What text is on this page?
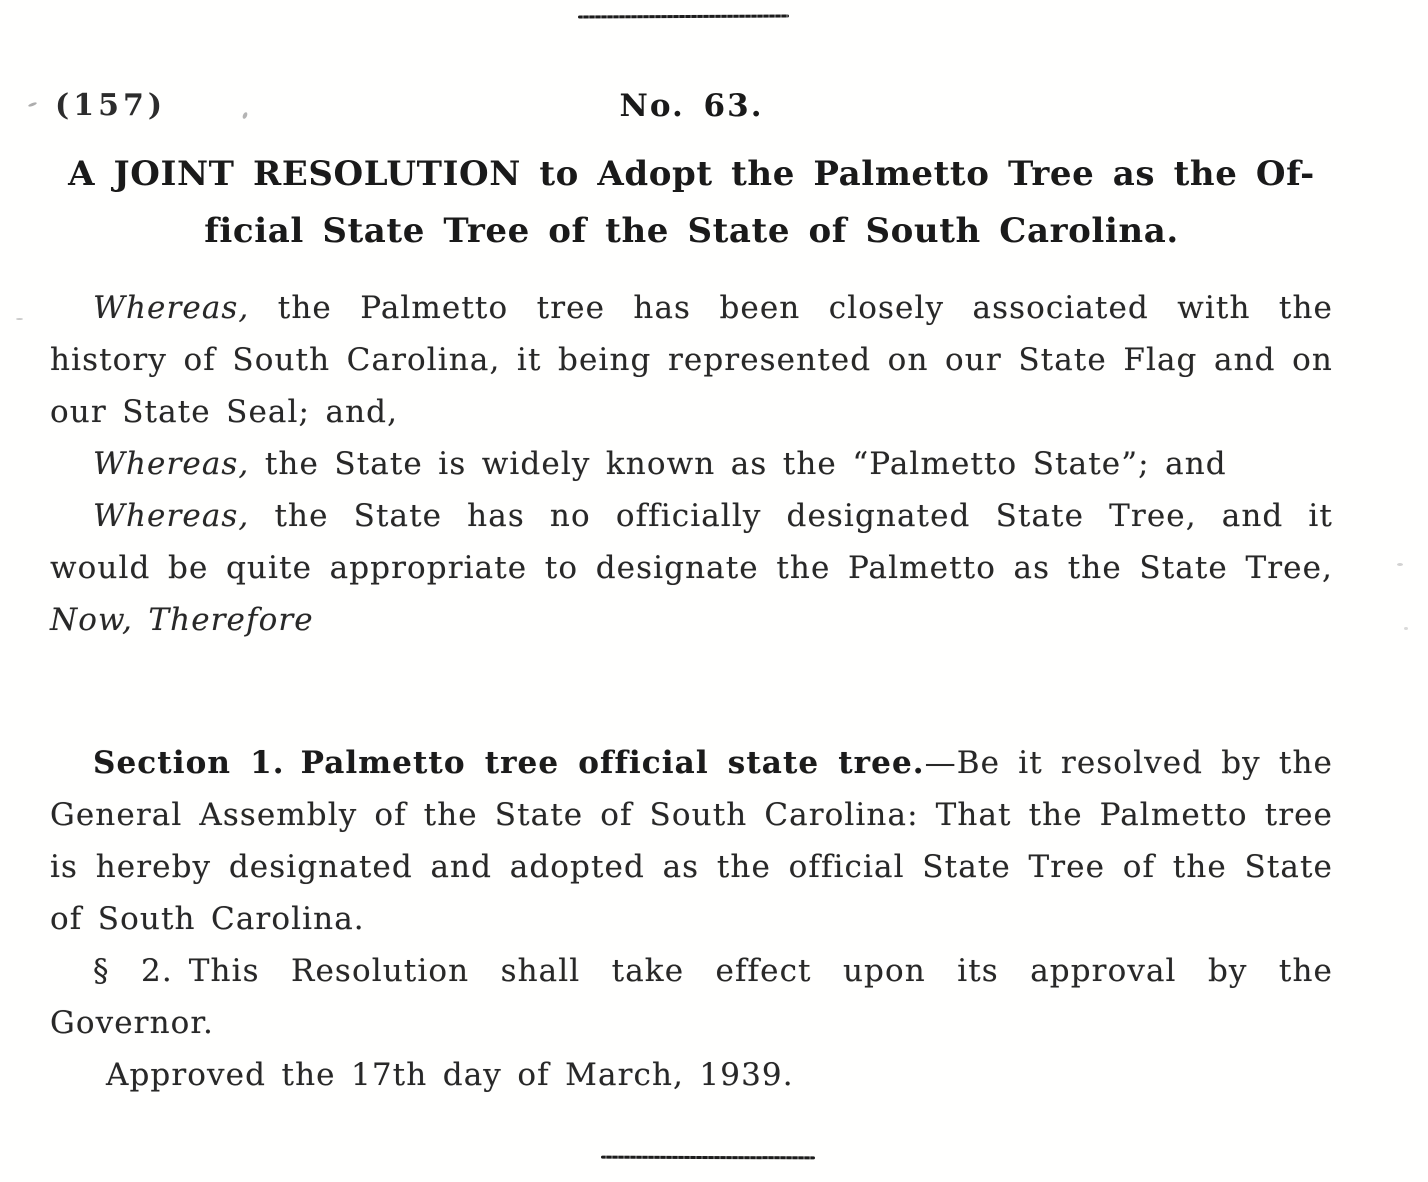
(157)	No. 63.
A JOINT RESOLUTION to Adopt the Palmetto Tree as the Of-
ficial State Tree of the State of South Carolina.

Whereas, the Palmetto tree has been closely associated with the history of South Carolina, it being represented on our State Flag and on our State Seal; and,

Whereas, the State is widely known as the “Palmetto State”; and

Whereas, the State has no officially designated State Tree, and it would be quite appropriate to designate the Palmetto as the State Tree, Now, Therefore

Section 1. Palmetto tree official state tree.—Be it resolved by the General Assembly of the State of South Carolina: That the Palmetto tree is hereby designated and adopted as the official State Tree of the State of South Carolina.

§ 2. This Resolution shall take effect upon its approval by the Governor.

Approved the 17th day of March, 1939.
